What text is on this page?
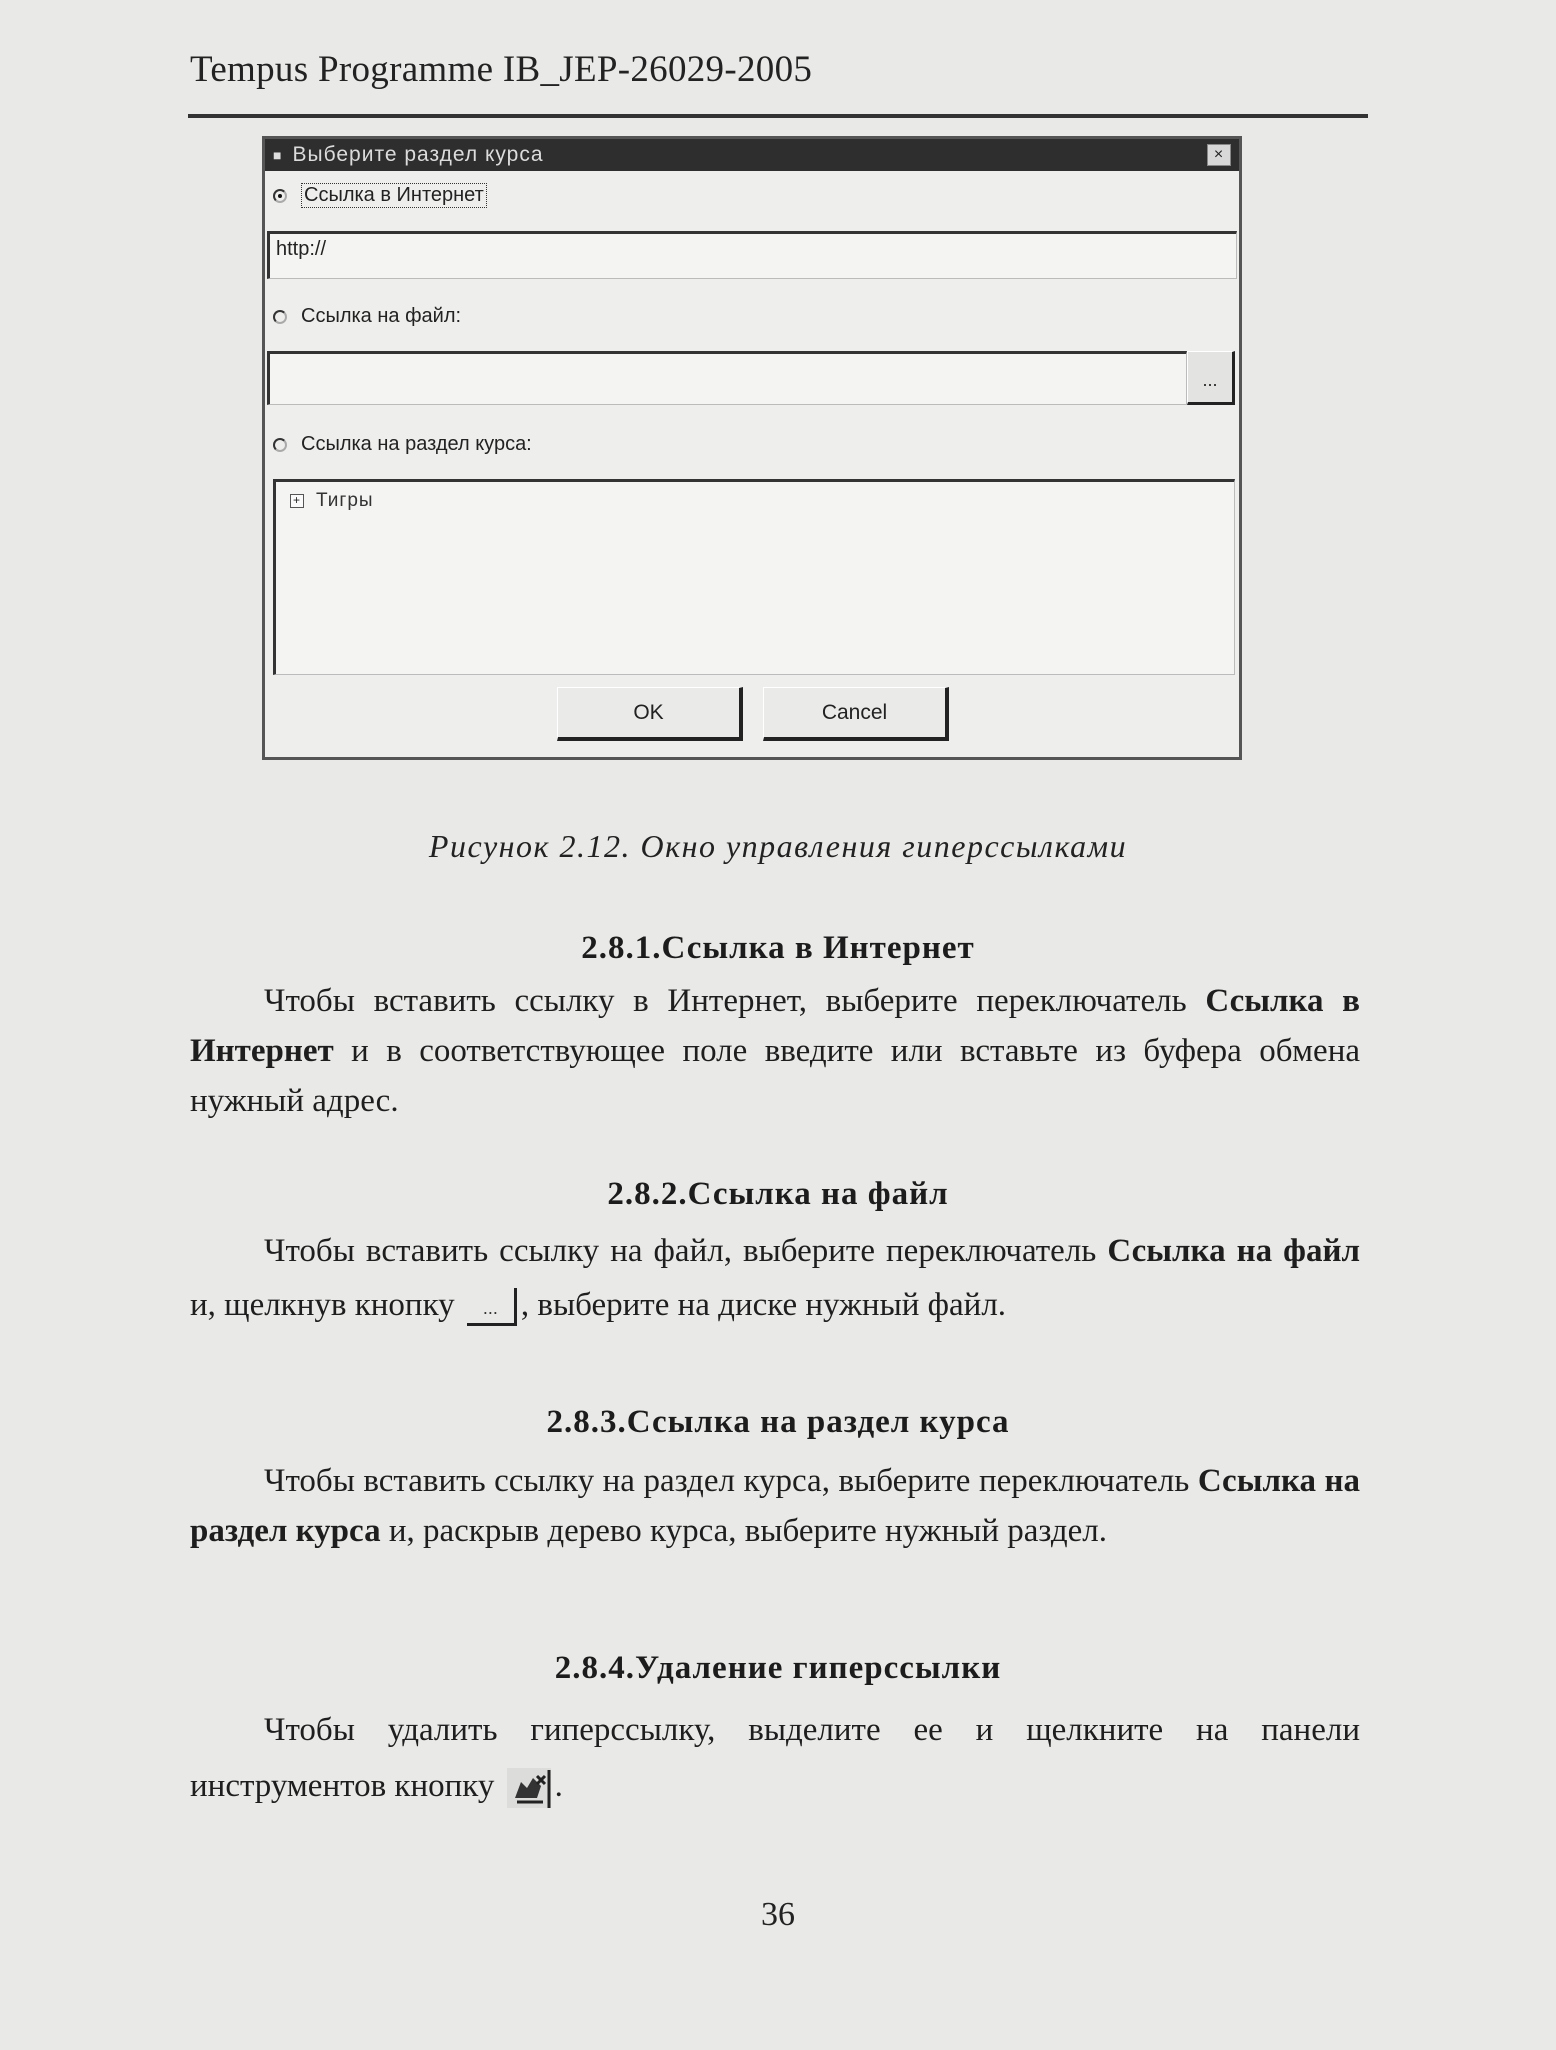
Tempus Programme IB_JEP-26029-2005
■ Выберите раздел курса	×
Ссылка в Интернет
http://
Ссылка на файл:
...
Ссылка на раздел курса:
+ Тигры
OK	Cancel
Рисунок 2.12. Окно управления гиперссылками
2.8.1.Ссылка в Интернет
Чтобы вставить ссылку в Интернет, выберите переключатель Ссылка в Интернет и в соответствующее поле введите или вставьте из буфера обмена нужный адрес.
2.8.2.Ссылка на файл
Чтобы вставить ссылку на файл, выберите переключатель Ссылка на файл и, щелкнув кнопку ... , выберите на диске нужный файл.
2.8.3.Ссылка на раздел курса
Чтобы вставить ссылку на раздел курса, выберите переключатель Ссылка на раздел курса и, раскрыв дерево курса, выберите нужный раздел.
2.8.4.Удаление гиперссылки
Чтобы удалить гиперссылку, выделите ее и щелкните на панели инструментов кнопку .
36
